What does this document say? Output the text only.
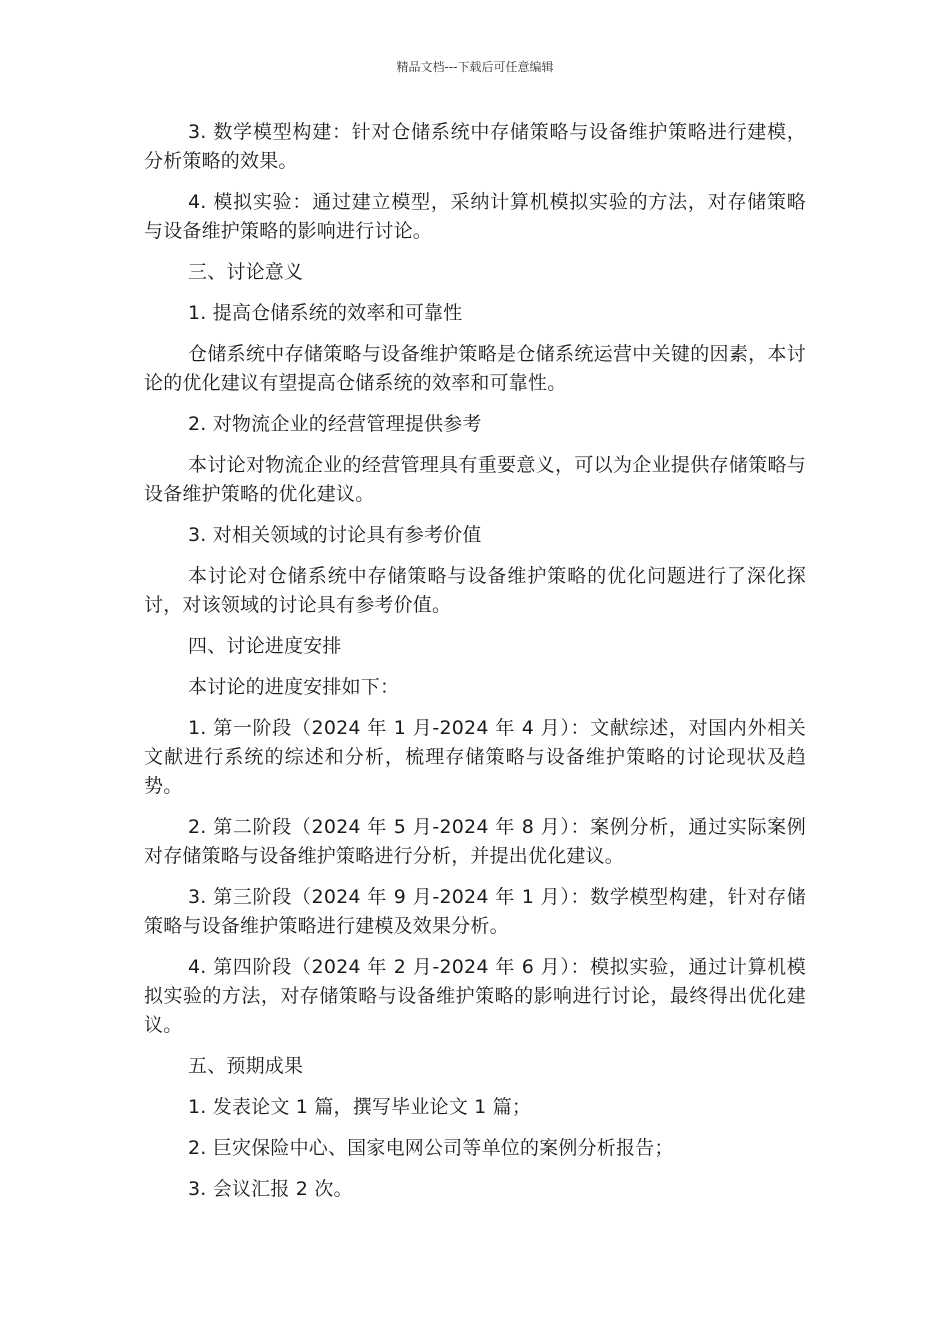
精品文档---下载后可任意编辑

3. 数学模型构建：针对仓储系统中存储策略与设备维护策略进行建模，分析策略的效果。

4. 模拟实验：通过建立模型，采纳计算机模拟实验的方法，对存储策略与设备维护策略的影响进行讨论。

三、讨论意义

1. 提高仓储系统的效率和可靠性

仓储系统中存储策略与设备维护策略是仓储系统运营中关键的因素，本讨论的优化建议有望提高仓储系统的效率和可靠性。

2. 对物流企业的经营管理提供参考

本讨论对物流企业的经营管理具有重要意义，可以为企业提供存储策略与设备维护策略的优化建议。

3. 对相关领域的讨论具有参考价值

本讨论对仓储系统中存储策略与设备维护策略的优化问题进行了深化探讨，对该领域的讨论具有参考价值。

四、讨论进度安排

本讨论的进度安排如下：

1. 第一阶段（2024 年 1 月-2024 年 4 月）：文献综述，对国内外相关文献进行系统的综述和分析，梳理存储策略与设备维护策略的讨论现状及趋势。

2. 第二阶段（2024 年 5 月-2024 年 8 月）：案例分析，通过实际案例对存储策略与设备维护策略进行分析，并提出优化建议。

3. 第三阶段（2024 年 9 月-2024 年 1 月）：数学模型构建，针对存储策略与设备维护策略进行建模及效果分析。

4. 第四阶段（2024 年 2 月-2024 年 6 月）：模拟实验，通过计算机模拟实验的方法，对存储策略与设备维护策略的影响进行讨论，最终得出优化建议。

五、预期成果

1. 发表论文 1 篇，撰写毕业论文 1 篇；

2. 巨灾保险中心、国家电网公司等单位的案例分析报告；

3. 会议汇报 2 次。
